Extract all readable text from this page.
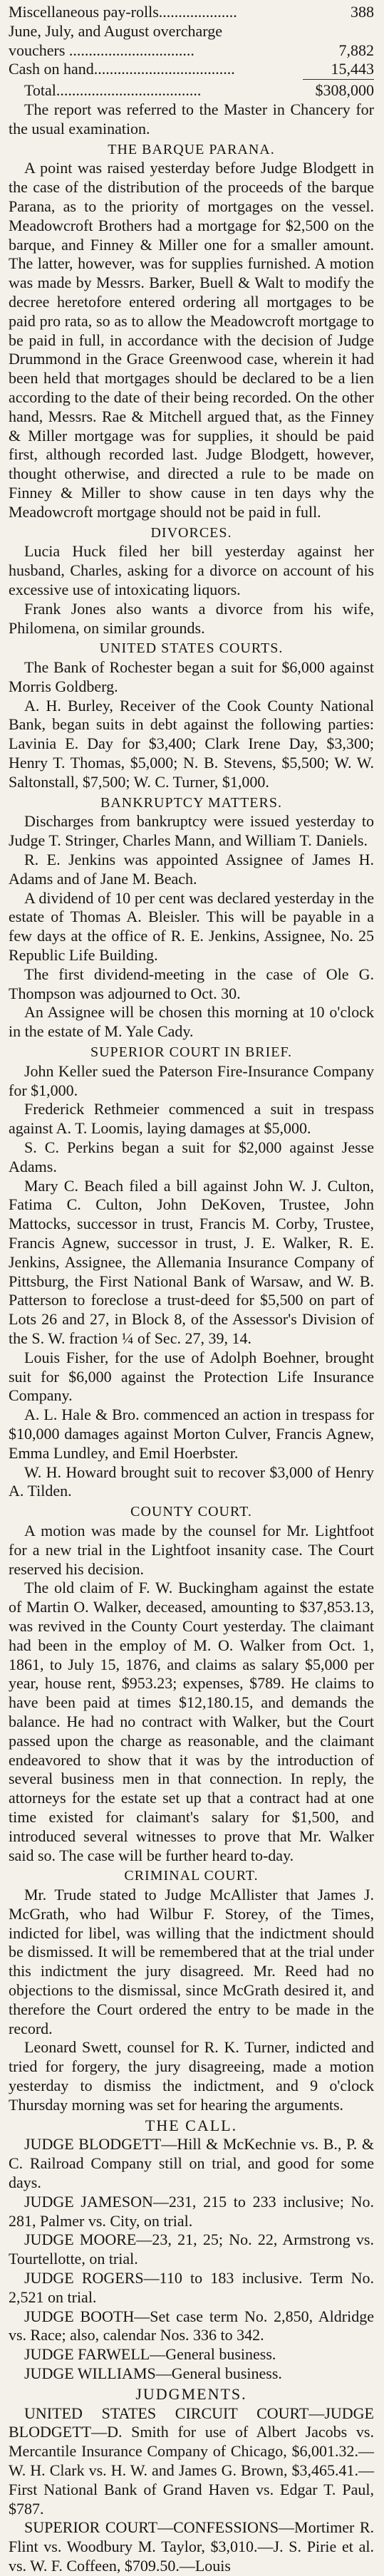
Miscellaneous pay-rolls....................	388
June, July, and August overcharge
vouchers ................................	7,882
Cash on hand....................................	15,443
Total.....................................	$308,000

The report was referred to the Master in Chancery for the usual examination.

THE BARQUE PARANA.

A point was raised yesterday before Judge Blodgett in the case of the distribution of the proceeds of the barque Parana, as to the priority of mortgages on the vessel. Meadowcroft Brothers had a mortgage for $2,500 on the barque, and Finney & Miller one for a smaller amount. The latter, however, was for supplies furnished. A motion was made by Messrs. Barker, Buell & Walt to modify the decree heretofore entered ordering all mortgages to be paid pro rata, so as to allow the Meadowcroft mortgage to be paid in full, in accordance with the decision of Judge Drummond in the Grace Greenwood case, wherein it had been held that mortgages should be declared to be a lien according to the date of their being recorded. On the other hand, Messrs. Rae & Mitchell argued that, as the Finney & Miller mortgage was for supplies, it should be paid first, although recorded last. Judge Blodgett, however, thought otherwise, and directed a rule to be made on Finney & Miller to show cause in ten days why the Meadowcroft mortgage should not be paid in full.

DIVORCES.

Lucia Huck filed her bill yesterday against her husband, Charles, asking for a divorce on account of his excessive use of intoxicating liquors.

Frank Jones also wants a divorce from his wife, Philomena, on similar grounds.

UNITED STATES COURTS.

The Bank of Rochester began a suit for $6,000 against Morris Goldberg.

A. H. Burley, Receiver of the Cook County National Bank, began suits in debt against the following parties: Lavinia E. Day for $3,400; Clark Irene Day, $3,300; Henry T. Thomas, $5,000; N. B. Stevens, $5,500; W. W. Saltonstall, $7,500; W. C. Turner, $1,000.

BANKRUPTCY MATTERS.

Discharges from bankruptcy were issued yesterday to Judge T. Stringer, Charles Mann, and William T. Daniels.

R. E. Jenkins was appointed Assignee of James H. Adams and of Jane M. Beach.

A dividend of 10 per cent was declared yesterday in the estate of Thomas A. Bleisler. This will be payable in a few days at the office of R. E. Jenkins, Assignee, No. 25 Republic Life Building.

The first dividend-meeting in the case of Ole G. Thompson was adjourned to Oct. 30.

An Assignee will be chosen this morning at 10 o'clock in the estate of M. Yale Cady.

SUPERIOR COURT IN BRIEF.

John Keller sued the Paterson Fire-Insurance Company for $1,000.

Frederick Rethmeier commenced a suit in trespass against A. T. Loomis, laying damages at $5,000.

S. C. Perkins began a suit for $2,000 against Jesse Adams.

Mary C. Beach filed a bill against John W. J. Culton, Fatima C. Culton, John DeKoven, Trustee, John Mattocks, successor in trust, Francis M. Corby, Trustee, Francis Agnew, successor in trust, J. E. Walker, R. E. Jenkins, Assignee, the Allemania Insurance Company of Pittsburg, the First National Bank of Warsaw, and W. B. Patterson to foreclose a trust-deed for $5,500 on part of Lots 26 and 27, in Block 8, of the Assessor's Division of the S. W. fraction ¼ of Sec. 27, 39, 14.

Louis Fisher, for the use of Adolph Boehner, brought suit for $6,000 against the Protection Life Insurance Company.

A. L. Hale & Bro. commenced an action in trespass for $10,000 damages against Morton Culver, Francis Agnew, Emma Lundley, and Emil Hoerbster.

W. H. Howard brought suit to recover $3,000 of Henry A. Tilden.

COUNTY COURT.

A motion was made by the counsel for Mr. Lightfoot for a new trial in the Lightfoot insanity case. The Court reserved his decision.

The old claim of F. W. Buckingham against the estate of Martin O. Walker, deceased, amounting to $37,853.13, was revived in the County Court yesterday. The claimant had been in the employ of M. O. Walker from Oct. 1, 1861, to July 15, 1876, and claims as salary $5,000 per year, house rent, $953.23; expenses, $789. He claims to have been paid at times $12,180.15, and demands the balance. He had no contract with Walker, but the Court passed upon the charge as reasonable, and the claimant endeavored to show that it was by the introduction of several business men in that connection. In reply, the attorneys for the estate set up that a contract had at one time existed for claimant's salary for $1,500, and introduced several witnesses to prove that Mr. Walker said so. The case will be further heard to-day.

CRIMINAL COURT.

Mr. Trude stated to Judge McAllister that James J. McGrath, who had Wilbur F. Storey, of the Times, indicted for libel, was willing that the indictment should be dismissed. It will be remembered that at the trial under this indictment the jury disagreed. Mr. Reed had no objections to the dismissal, since McGrath desired it, and therefore the Court ordered the entry to be made in the record.

Leonard Swett, counsel for R. K. Turner, indicted and tried for forgery, the jury disagreeing, made a motion yesterday to dismiss the indictment, and 9 o'clock Thursday morning was set for hearing the arguments.

THE CALL.

JUDGE BLODGETT—Hill & McKechnie vs. B., P. & C. Railroad Company still on trial, and good for some days.

JUDGE JAMESON—231, 215 to 233 inclusive; No. 281, Palmer vs. City, on trial.

JUDGE MOORE—23, 21, 25; No. 22, Armstrong vs. Tourtellotte, on trial.

JUDGE ROGERS—110 to 183 inclusive. Term No. 2,521 on trial.

JUDGE BOOTH—Set case term No. 2,850, Aldridge vs. Race; also, calendar Nos. 336 to 342.

JUDGE FARWELL—General business.

JUDGE WILLIAMS—General business.

JUDGMENTS.

UNITED STATES CIRCUIT COURT—JUDGE BLODGETT—D. Smith for use of Albert Jacobs vs. Mercantile Insurance Company of Chicago, $6,001.32.—W. H. Clark vs. H. W. and James G. Brown, $3,465.41.—First National Bank of Grand Haven vs. Edgar T. Paul, $787.

SUPERIOR COURT—CONFESSIONS—Mortimer R. Flint vs. Woodbury M. Taylor, $3,010.—J. S. Pirie et al. vs. W. F. Coffeen, $709.50.—Louis
